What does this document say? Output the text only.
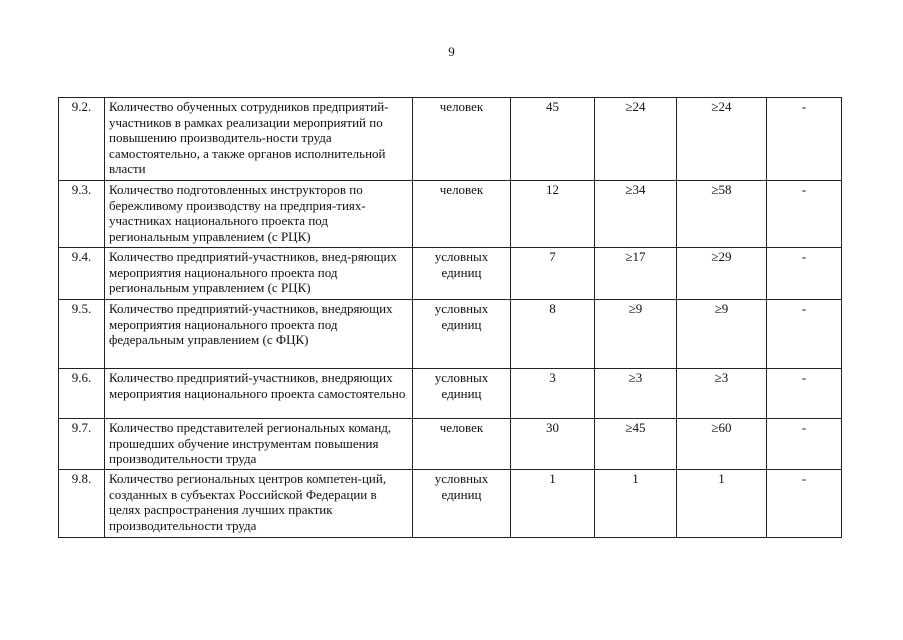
9
9.2.	Количество обученных сотрудников предприятий-участников в рамках реализации мероприятий по повышению производитель-ности труда самостоятельно, а также органов исполнительной власти	человек	45	≥24	≥24	-
9.3.	Количество подготовленных инструкторов по бережливому производству на предприя-тиях-участниках национального проекта под региональным управлением (с РЦК)	человек	12	≥34	≥58	-
9.4.	Количество предприятий-участников, внед-ряющих мероприятия национального проекта под региональным управлением (с РЦК)	условных единиц	7	≥17	≥29	-
9.5.	Количество предприятий-участников, внедряющих мероприятия национального проекта под федеральным управлением (с ФЦК)	условных единиц	8	≥9	≥9	-
9.6.	Количество предприятий-участников, внедряющих мероприятия национального проекта самостоятельно	условных единиц	3	≥3	≥3	-
9.7.	Количество представителей региональных команд, прошедших обучение инструментам повышения производительности труда	человек	30	≥45	≥60	-
9.8.	Количество региональных центров компетен-ций, созданных в субъектах Российской Федерации в целях распространения лучших практик производительности труда	условных единиц	1	1	1	-
